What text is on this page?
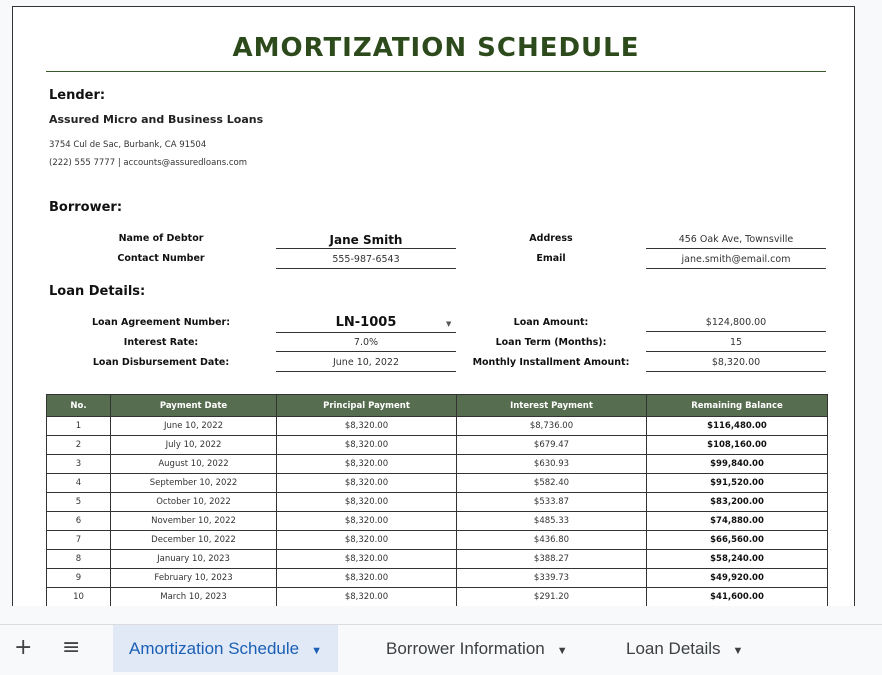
AMORTIZATION SCHEDULE
Lender:
Assured Micro and Business Loans
3754 Cul de Sac, Burbank, CA 91504
(222) 555 7777 | accounts@assuredloans.com
Borrower:
Name of Debtor	Jane Smith
Contact Number	555-987-6543
Address	456 Oak Ave, Townsville
Email	jane.smith@email.com
Loan Details:
Loan Agreement Number:	LN-1005	▼
Interest Rate:	7.0%
Loan Disbursement Date:	June 10, 2022
Loan Amount:	$124,800.00
Loan Term (Months):	15
Monthly Installment Amount:	$8,320.00
No.	Payment Date	Principal Payment	Interest Payment	Remaining Balance
1	June 10, 2022	$8,320.00	$8,736.00	$116,480.00
2	July 10, 2022	$8,320.00	$679.47	$108,160.00
3	August 10, 2022	$8,320.00	$630.93	$99,840.00
4	September 10, 2022	$8,320.00	$582.40	$91,520.00
5	October 10, 2022	$8,320.00	$533.87	$83,200.00
6	November 10, 2022	$8,320.00	$485.33	$74,880.00
7	December 10, 2022	$8,320.00	$436.80	$66,560.00
8	January 10, 2023	$8,320.00	$388.27	$58,240.00
9	February 10, 2023	$8,320.00	$339.73	$49,920.00
10	March 10, 2023	$8,320.00	$291.20	$41,600.00
+ ≡	Amortization Schedule ▼	Borrower Information ▼	Loan Details ▼
